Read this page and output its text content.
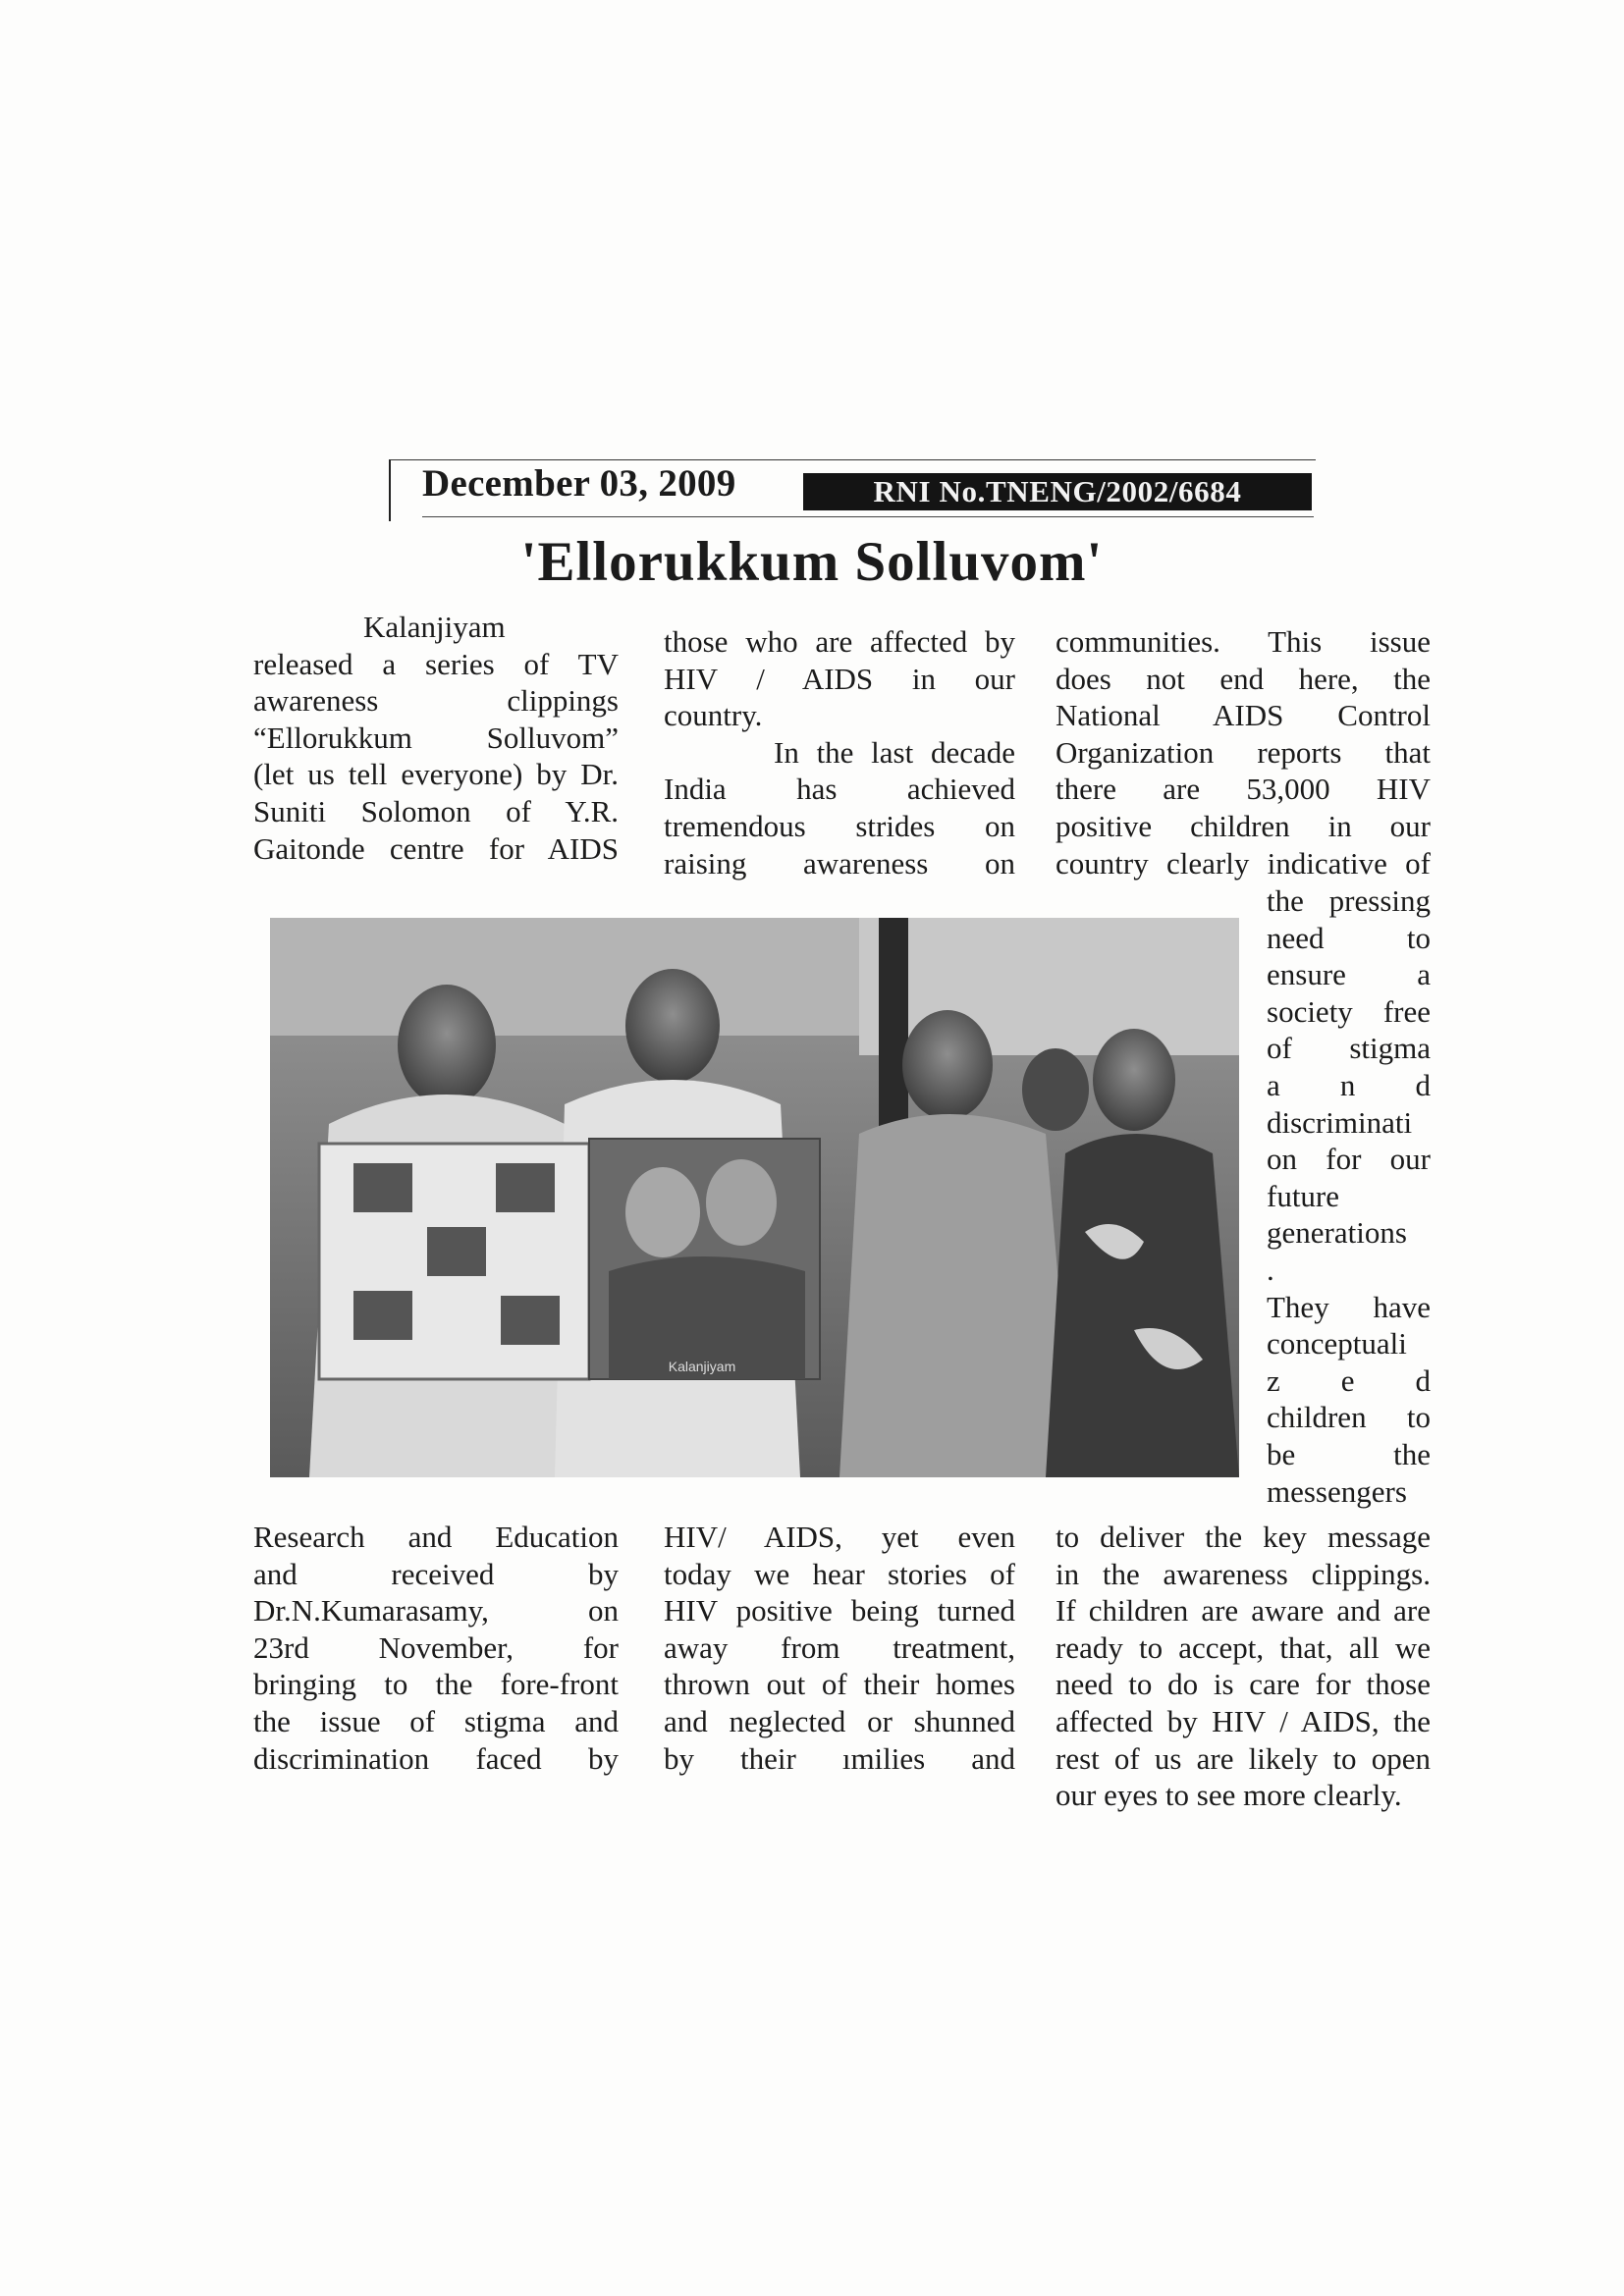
December 03, 2009	RNI No.TNENG/2002/6684
'Ellorukkum Solluvom'

Kalanjiyam

released a series of TV

awareness clippings

“Ellorukkum Solluvom”

(let us tell everyone) by Dr.

Suniti Solomon of Y.R.

Gaitonde centre for AIDS

those who are affected by

HIV / AIDS in our

country.

In the last decade

India has achieved

tremendous strides on

raising awareness on

communities. This issue

does not end here, the

National AIDS Control

Organization reports that

there are 53,000 HIV

positive children in our

country clearly indicative of

the pressing

need to

ensure a

society free

of stigma

a n d

discriminati

on for our

future

generations

.

They have

conceptuali

z e d

children to

be the

messengers

Kalanjiyam

Research and Education

and received by

Dr.N.Kumarasamy, on

23rd November, for

bringing to the fore-front

the issue of stigma and

discrimination faced by

HIV/ AIDS, yet even

today we hear stories of

HIV positive being turned

away from treatment,

thrown out of their homes

and neglected or shunned

by their ımilies and

to deliver the key message

in the awareness clippings.

If children are aware and are

ready to accept, that, all we

need to do is care for those

affected by HIV / AIDS, the

rest of us are likely to open

our eyes to see more clearly.
